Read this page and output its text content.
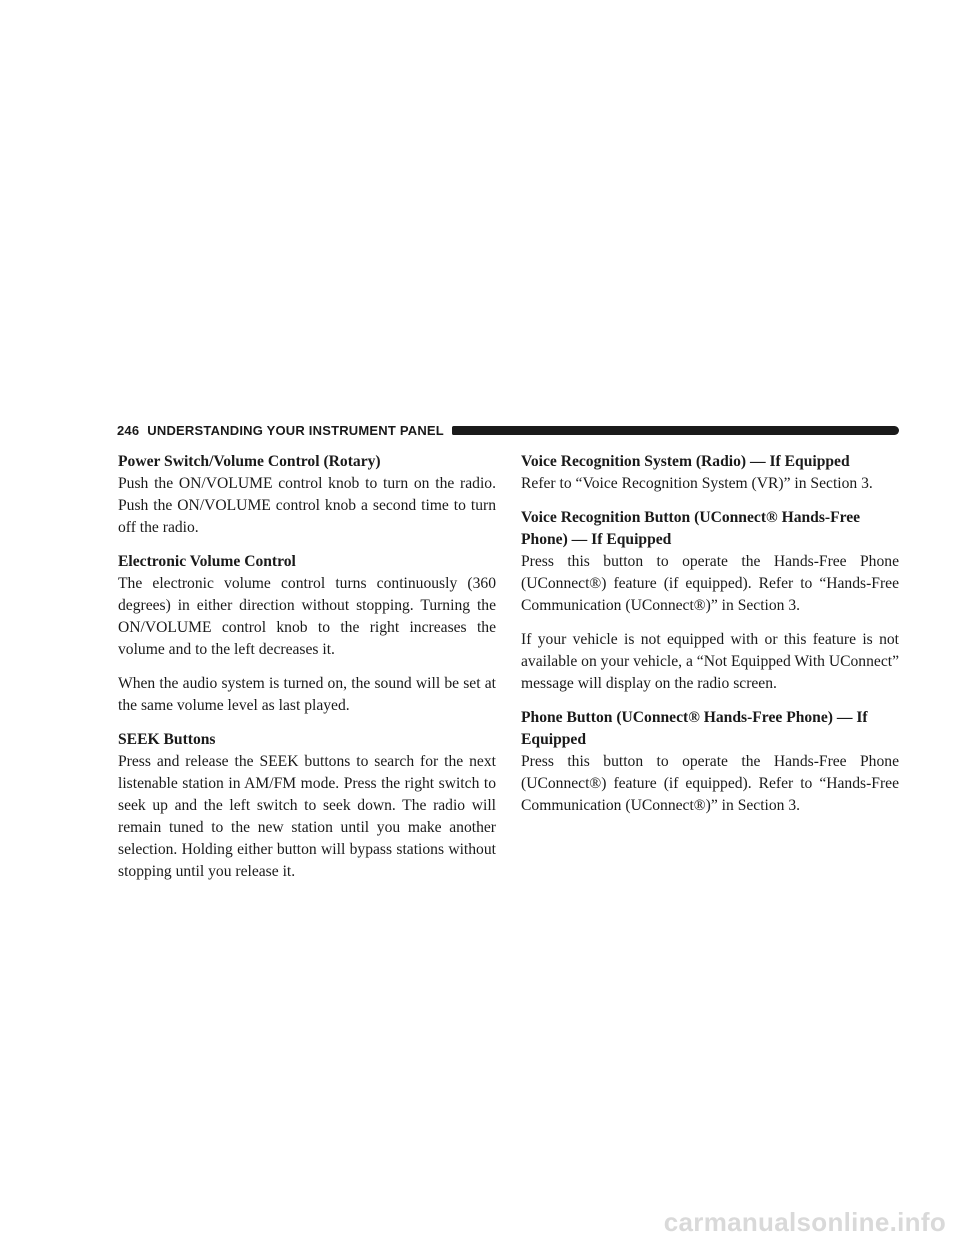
246 UNDERSTANDING YOUR INSTRUMENT PANEL

Power Switch/Volume Control (Rotary)

Push the ON/VOLUME control knob to turn on the radio. Push the ON/VOLUME control knob a second time to turn off the radio.

Electronic Volume Control

The electronic volume control turns continuously (360 degrees) in either direction without stopping. Turning the ON/VOLUME control knob to the right increases the volume and to the left decreases it.

When the audio system is turned on, the sound will be set at the same volume level as last played.

SEEK Buttons

Press and release the SEEK buttons to search for the next listenable station in AM/FM mode. Press the right switch to seek up and the left switch to seek down. The radio will remain tuned to the new station until you make another selection. Holding either button will bypass stations without stopping until you release it.

Voice Recognition System (Radio) — If Equipped

Refer to “Voice Recognition System (VR)” in Section 3.

Voice Recognition Button (UConnect® Hands-Free Phone) — If Equipped

Press this button to operate the Hands-Free Phone (UConnect®) feature (if equipped). Refer to “Hands-Free Communication (UConnect®)” in Section 3.

If your vehicle is not equipped with or this feature is not available on your vehicle, a “Not Equipped With UConnect” message will display on the radio screen.

Phone Button (UConnect® Hands-Free Phone) — If Equipped

Press this button to operate the Hands-Free Phone (UConnect®) feature (if equipped). Refer to “Hands-Free Communication (UConnect®)” in Section 3.

carmanualsonline.info
